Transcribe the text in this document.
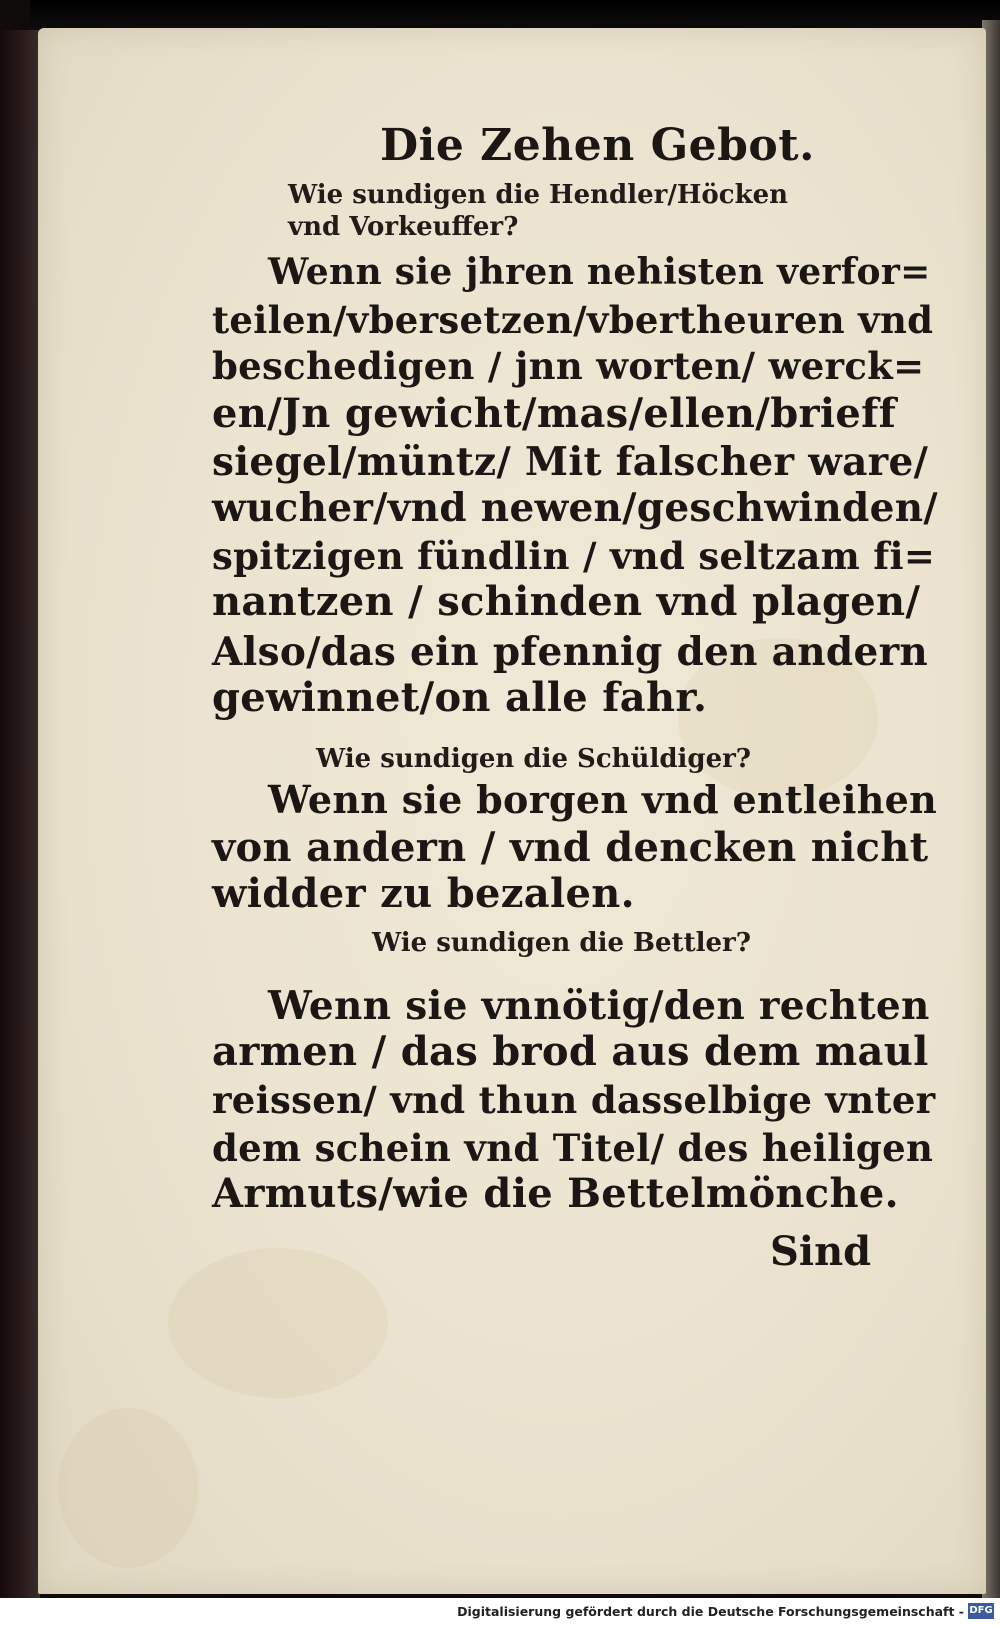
Die Zehen Gebot.
Wie sundigen die Hendler/Höcken
vnd Vorkeuffer?
Wenn sie jhren nehisten verfor=
teilen/vbersetzen/vbertheuren vnd
beschedigen / jnn worten/ werck=
en/Jn gewicht/mas/ellen/brieff
siegel/müntz/ Mit falscher ware/
wucher/vnd newen/geschwinden/
spitzigen fündlin / vnd seltzam fi=
nantzen / schinden vnd plagen/
Also/das ein pfennig den andern
gewinnet/on alle fahr.
Wie sundigen die Schüldiger?
Wenn sie borgen vnd entleihen
von andern / vnd dencken nicht
widder zu bezalen.
Wie sundigen die Bettler?
Wenn sie vnnötig/den rechten
armen / das brod aus dem maul
reissen/ vnd thun dasselbige vnter
dem schein vnd Titel/ des heiligen
Armuts/wie die Bettelmönche.
Sind
Digitalisierung gefördert durch die Deutsche Forschungsgemeinschaft - DFG
